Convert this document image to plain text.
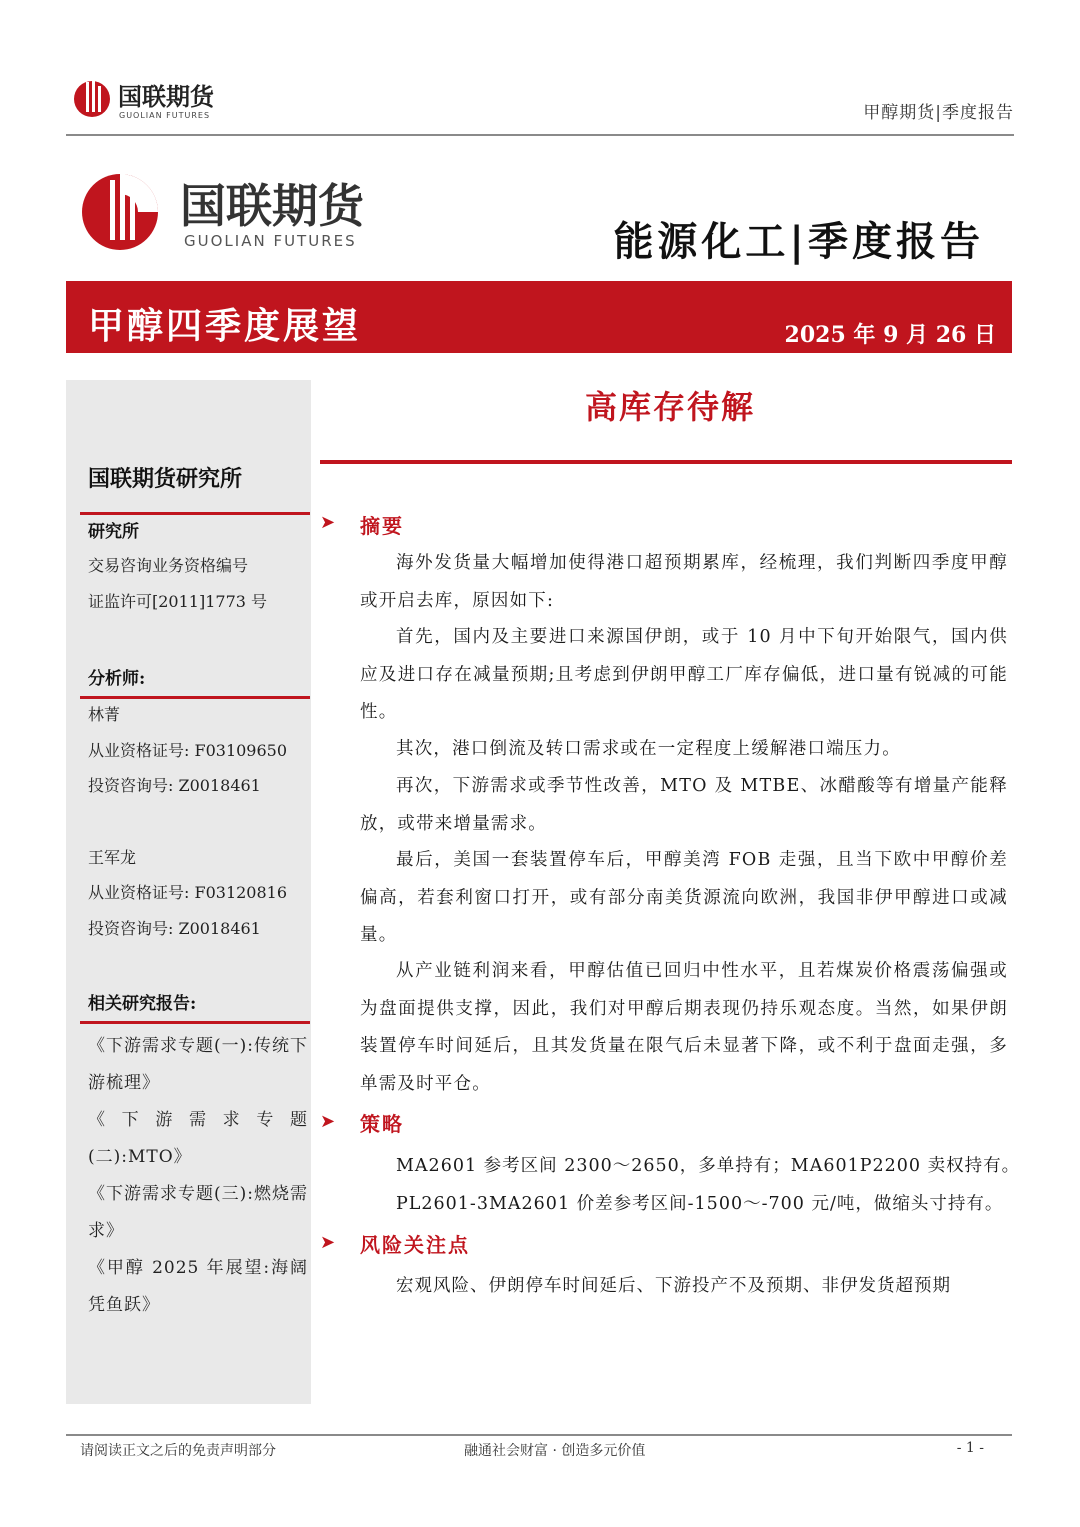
国联期货
GUOLIAN FUTURES	甲醇期货|季度报告
国联期货
GUOLIAN FUTURES	能源化工|季度报告
甲醇四季度展望	2025 年 9 月 26 日
国联期货研究所
研究所
交易咨询业务资格编号
证监许可[2011]1773 号
分析师:
林菁
从业资格证号: F03109650
投资咨询号: Z0018461
王军龙
从业资格证号: F03120816
投资咨询号: Z0018461
相关研究报告:
《下游需求专题(一):传统下游梳理》
《下游需求专题(二):MTO》
《下游需求专题(三):燃烧需求》
《甲醇 2025 年展望:海阔凭鱼跃》
高库存待解
➤ 摘要

海外发货量大幅增加使得港口超预期累库，经梳理，我们判断四季度甲醇或开启去库，原因如下:

首先，国内及主要进口来源国伊朗，或于 10 月中下旬开始限气，国内供应及进口存在减量预期;且考虑到伊朗甲醇工厂库存偏低，进口量有锐减的可能性。

其次，港口倒流及转口需求或在一定程度上缓解港口端压力。

再次，下游需求或季节性改善，MTO 及 MTBE、冰醋酸等有增量产能释放，或带来增量需求。

最后，美国一套装置停车后，甲醇美湾 FOB 走强，且当下欧中甲醇价差偏高，若套利窗口打开，或有部分南美货源流向欧洲，我国非伊甲醇进口或减量。

从产业链利润来看，甲醇估值已回归中性水平，且若煤炭价格震荡偏强或为盘面提供支撑，因此，我们对甲醇后期表现仍持乐观态度。当然，如果伊朗装置停车时间延后，且其发货量在限气后未显著下降，或不利于盘面走强，多单需及时平仓。

➤ 策略
MA2601 参考区间 2300～2650，多单持有；MA601P2200 卖权持有。
PL2601-3MA2601 价差参考区间-1500～-700 元/吨，做缩头寸持有。
➤ 风险关注点
宏观风险、伊朗停车时间延后、下游投产不及预期、非伊发货超预期
请阅读正文之后的免责声明部分	融通社会财富 · 创造多元价值	- 1 -
